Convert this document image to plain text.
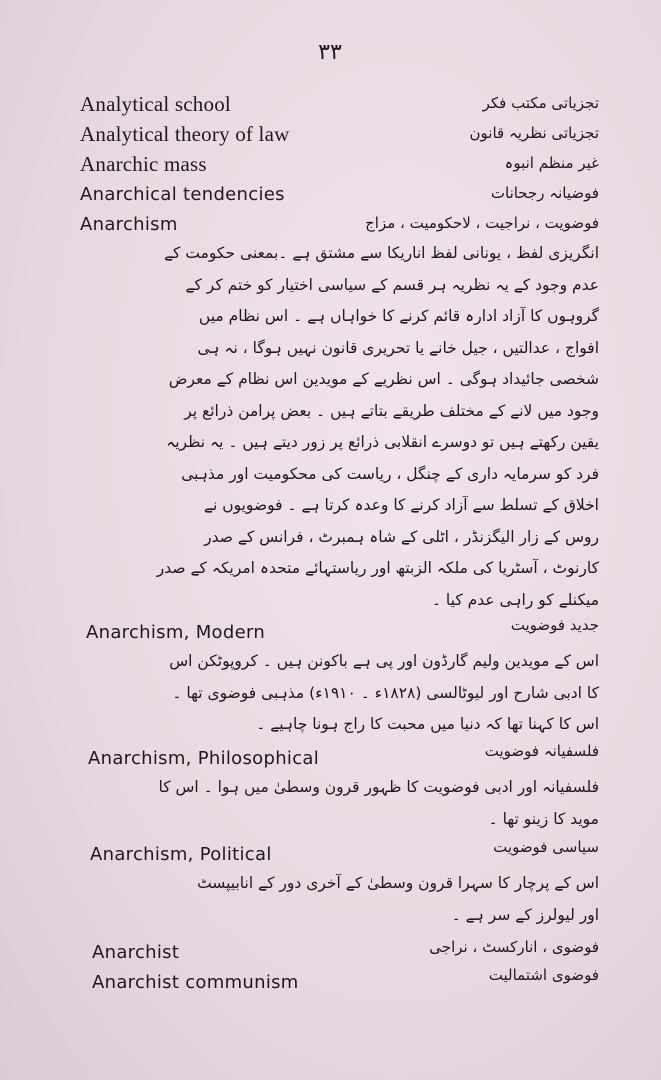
۳۳
Analytical school	تجزیاتی مکتب فکر
Analytical theory of law	تجزیاتی نظریہ قانون
Anarchic mass	غیر منظم انبوہ
Anarchical tendencies	فوضیانہ رجحانات
Anarchism	فوضویت ، نراجیت ، لاحکومیت ، مزاج
انگریزی لفظ ، یونانی لفظ اناریکا سے مشتق ہے ۔بمعنی حکومت کے
عدم وجود کے یہ نظریہ ہر قسم کے سیاسی اختیار کو ختم کر کے
گروہوں کا آزاد ادارہ قائم کرنے کا خواہاں ہے ۔ اس نظام میں
افواج ، عدالتیں ، جیل خانے یا تحریری قانون نہیں ہوگا ، نہ ہی
شخصی جائیداد ہوگی ۔ اس نظریے کے مویدین اس نظام کے معرض
وجود میں لانے کے مختلف طریقے بتاتے ہیں ۔ بعض پرامن ذرائع پر
یقین رکھتے ہیں تو دوسرے انقلابی ذرائع پر زور دیتے ہیں ۔ یہ نظریہ
فرد کو سرمایہ داری کے چنگل ، ریاست کی محکومیت اور مذہبی
اخلاق کے تسلط سے آزاد کرنے کا وعدہ کرتا ہے ۔ فوضویوں نے
روس کے زار الیگزنڈر ، اٹلی کے شاہ ہمبرٹ ، فرانس کے صدر
کارنوٹ ، آسٹریا کی ملکہ الزبتھ اور ریاستہائے متحدہ امریکہ کے صدر
میکنلے کو راہی عدم کیا ۔
Anarchism, Modern	جدید فوضویت
اس کے مویدین ولیم گارڈون اور پی ہے باکونن ہیں ۔ کروپوٹکن اس
کا ادبی شارح اور لیوٹالسی (۱۸۲۸ء ۔ ۱۹۱۰ء) مذہبی فوضوی تھا ۔
اس کا کہنا تھا کہ دنیا میں محبت کا راج ہونا چاہیے ۔
Anarchism, Philosophical	فلسفیانہ فوضویت
فلسفیانہ اور ادبی فوضویت کا ظہور قرون وسطیٰ میں ہوا ۔ اس کا
موید کا زینو تھا ۔
Anarchism, Political	سیاسی فوضویت
اس کے پرچار کا سہرا قرون وسطیٰ کے آخری دور کے انابیپسٹ
اور لیولرز کے سر ہے ۔
Anarchist	فوضوی ، انارکسٹ ، نراجی
Anarchist communism	فوضوی اشتمالیت
